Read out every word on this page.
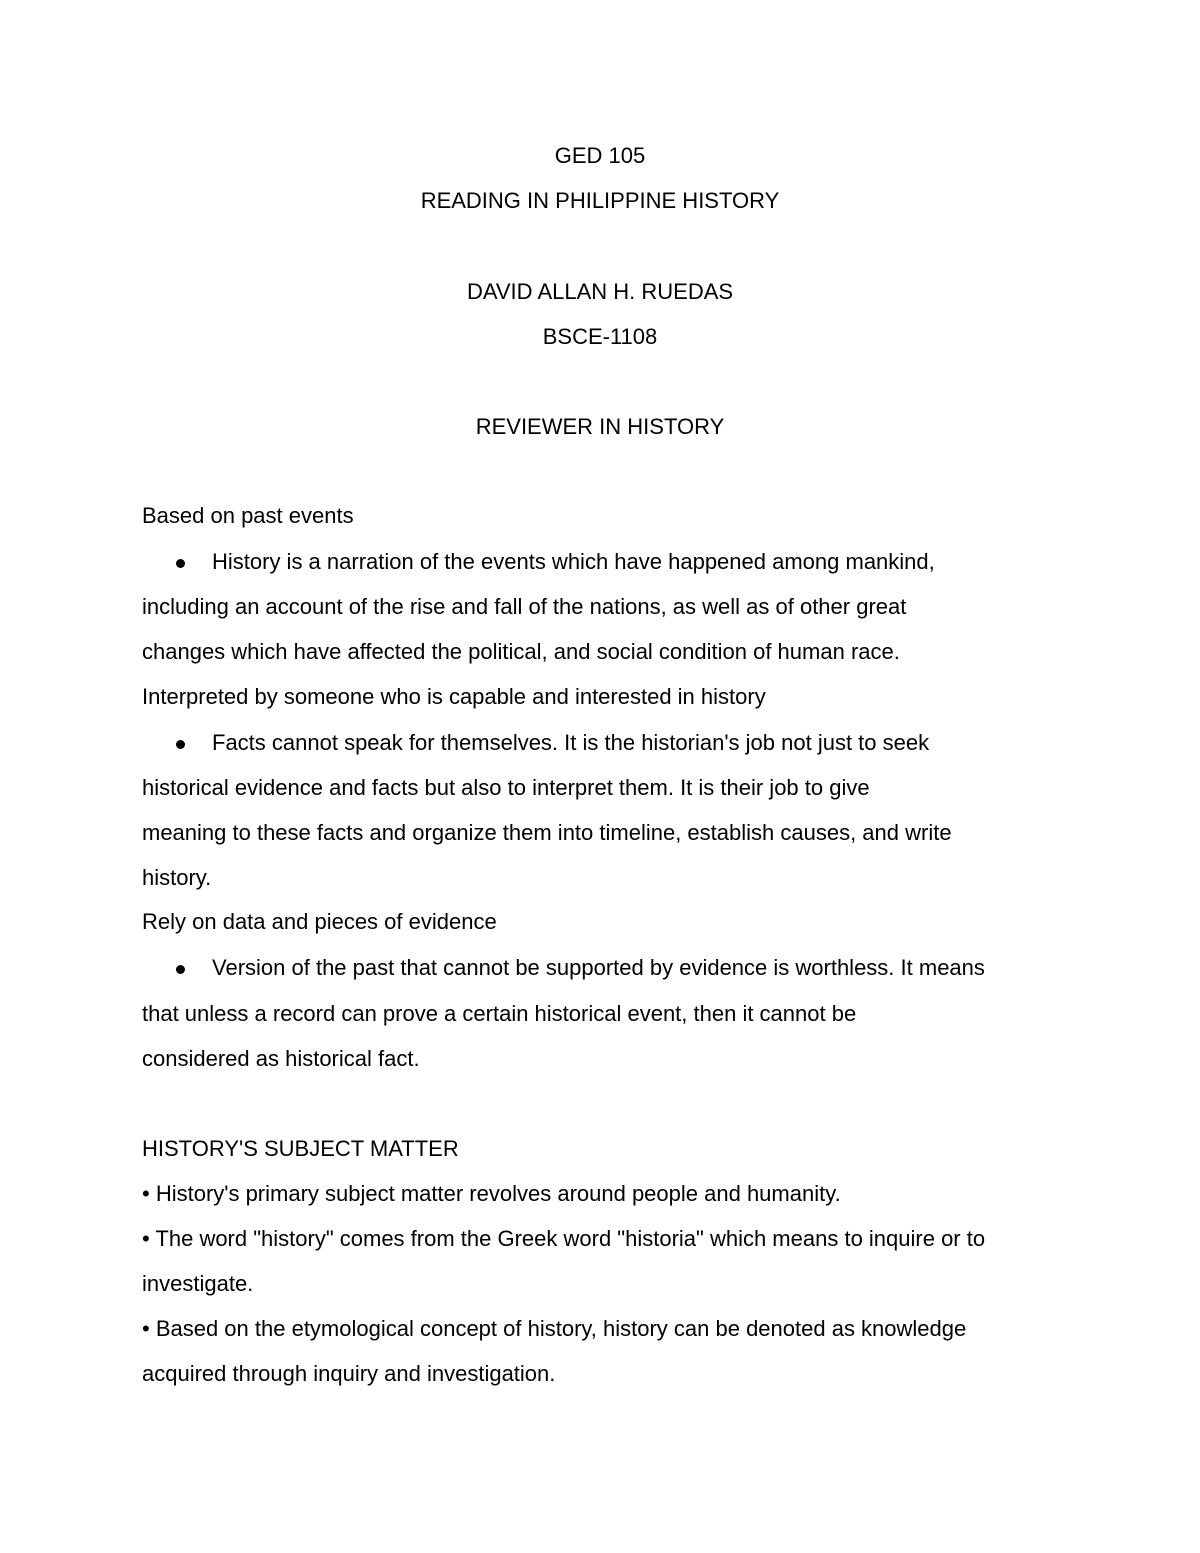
GED 105
READING IN PHILIPPINE HISTORY
DAVID ALLAN H. RUEDAS
BSCE-1108
REVIEWER IN HISTORY
Based on past events
History is a narration of the events which have happened among mankind,
including an account of the rise and fall of the nations, as well as of other great
changes which have affected the political, and social condition of human race.
Interpreted by someone who is capable and interested in history
Facts cannot speak for themselves. It is the historian's job not just to seek
historical evidence and facts but also to interpret them. It is their job to give
meaning to these facts and organize them into timeline, establish causes, and write
history.
Rely on data and pieces of evidence
Version of the past that cannot be supported by evidence is worthless. It means
that unless a record can prove a certain historical event, then it cannot be
considered as historical fact.
HISTORY'S SUBJECT MATTER
• History's primary subject matter revolves around people and humanity.
• The word "history" comes from the Greek word "historia" which means to inquire or to
investigate.
• Based on the etymological concept of history, history can be denoted as knowledge
acquired through inquiry and investigation.
